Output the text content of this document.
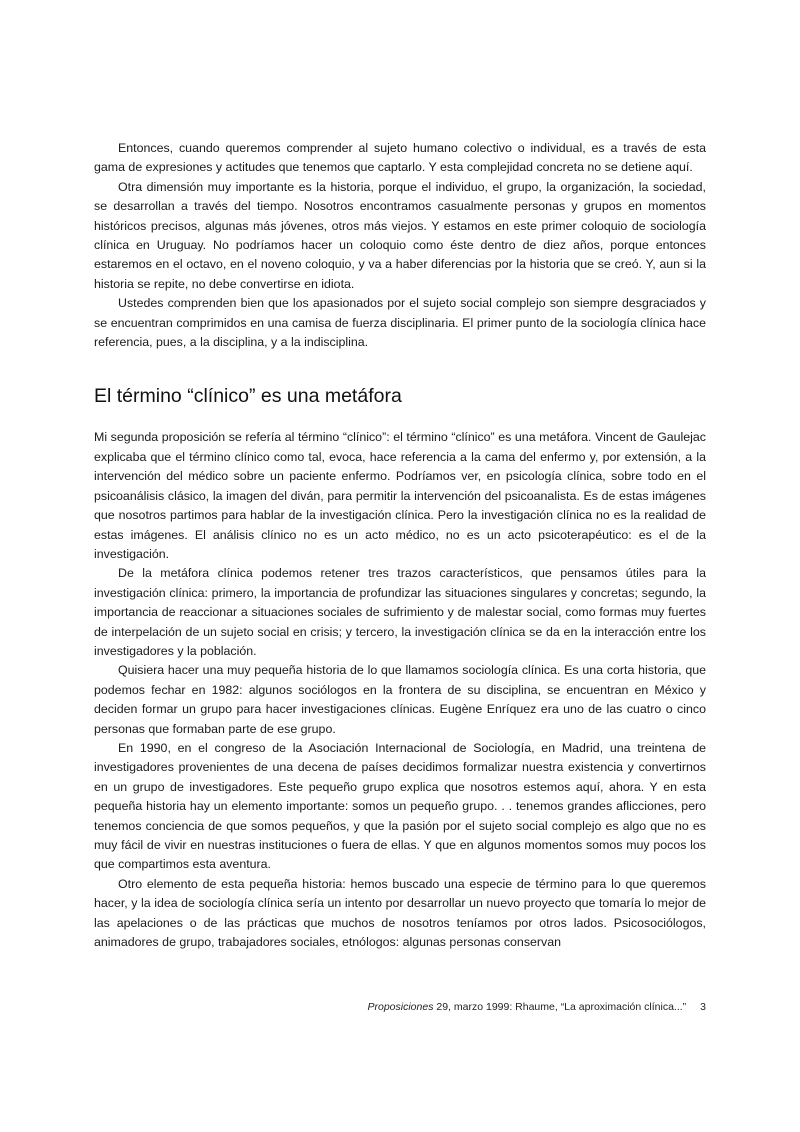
Entonces, cuando queremos comprender al sujeto humano colectivo o individual, es a través de esta gama de expresiones y actitudes que tenemos que captarlo. Y esta complejidad concreta no se detiene aquí.

Otra dimensión muy importante es la historia, porque el individuo, el grupo, la organización, la sociedad, se desarrollan a través del tiempo. Nosotros encontramos casualmente personas y grupos en momentos históricos precisos, algunas más jóvenes, otros más viejos. Y estamos en este primer coloquio de sociología clínica en Uruguay. No podríamos hacer un coloquio como éste dentro de diez años, porque entonces estaremos en el octavo, en el noveno coloquio, y va a haber diferencias por la historia que se creó. Y, aun si la historia se repite, no debe convertirse en idiota.

Ustedes comprenden bien que los apasionados por el sujeto social complejo son siempre desgraciados y se encuentran comprimidos en una camisa de fuerza disciplinaria. El primer punto de la sociología clínica hace referencia, pues, a la disciplina, y a la indisciplina.

El término “clínico” es una metáfora

Mi segunda proposición se refería al término “clínico”: el término “clínico” es una metáfora. Vincent de Gaulejac explicaba que el término clínico como tal, evoca, hace referencia a la cama del enfermo y, por extensión, a la intervención del médico sobre un paciente enfermo. Podríamos ver, en psicología clínica, sobre todo en el psicoanálisis clásico, la imagen del diván, para permitir la intervención del psicoanalista. Es de estas imágenes que nosotros partimos para hablar de la investigación clínica. Pero la investigación clínica no es la realidad de estas imágenes. El análisis clínico no es un acto médico, no es un acto psicoterapéutico: es el de la investigación.

De la metáfora clínica podemos retener tres trazos característicos, que pensamos útiles para la investigación clínica: primero, la importancia de profundizar las situaciones singulares y concretas; segundo, la importancia de reaccionar a situaciones sociales de sufrimiento y de malestar social, como formas muy fuertes de interpelación de un sujeto social en crisis; y tercero, la investigación clínica se da en la interacción entre los investigadores y la población.

Quisiera hacer una muy pequeña historia de lo que llamamos sociología clínica. Es una corta historia, que podemos fechar en 1982: algunos sociólogos en la frontera de su disciplina, se encuentran en México y deciden formar un grupo para hacer investigaciones clínicas. Eugène Enríquez era uno de las cuatro o cinco personas que formaban parte de ese grupo.

En 1990, en el congreso de la Asociación Internacional de Sociología, en Madrid, una treintena de investigadores provenientes de una decena de países decidimos formalizar nuestra existencia y convertirnos en un grupo de investigadores. Este pequeño grupo explica que nosotros estemos aquí, ahora. Y en esta pequeña historia hay un elemento importante: somos un pequeño grupo. . . tenemos grandes aflicciones, pero tenemos conciencia de que somos pequeños, y que la pasión por el sujeto social complejo es algo que no es muy fácil de vivir en nuestras instituciones o fuera de ellas. Y que en algunos momentos somos muy pocos los que compartimos esta aventura.

Otro elemento de esta pequeña historia: hemos buscado una especie de término para lo que queremos hacer, y la idea de sociología clínica sería un intento por desarrollar un nuevo proyecto que tomaría lo mejor de las apelaciones o de las prácticas que muchos de nosotros teníamos por otros lados. Psicosociólogos, animadores de grupo, trabajadores sociales, etnólogos: algunas personas conservan

Proposiciones 29, marzo 1999: Rhaume, “La aproximación clínica...” 3
